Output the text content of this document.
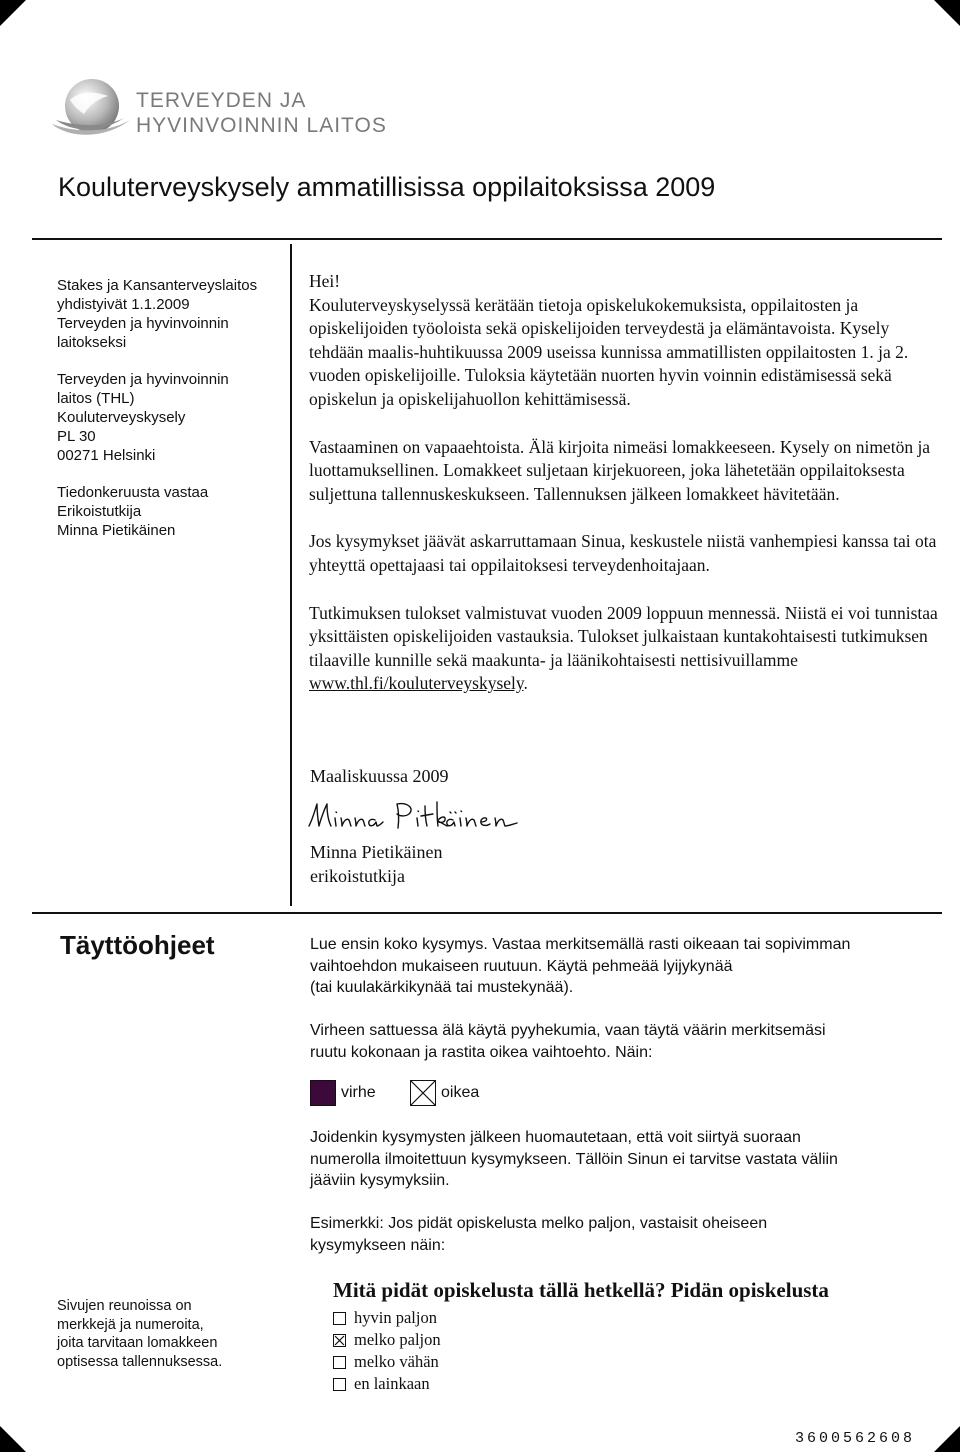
TERVEYDEN JA
HYVINVOINNIN LAITOS
Kouluterveyskysely ammatillisissa oppilaitoksissa 2009
Stakes ja Kansanterveyslaitos
yhdistyivät 1.1.2009
Terveyden ja hyvinvoinnin
laitokseksi
Terveyden ja hyvinvoinnin
laitos (THL)
Kouluterveyskysely
PL 30
00271 Helsinki
Tiedonkeruusta vastaa
Erikoistutkija
Minna Pietikäinen

Hei!

Kouluterveyskyselyssä kerätään tietoja opiskelukokemuksista, oppilaitosten ja opiskelijoiden työoloista sekä opiskelijoiden terveydestä ja elämäntavoista. Kysely tehdään maalis-huhtikuussa 2009 useissa kunnissa ammatillisten oppilaitosten 1. ja 2. vuoden opiskelijoille. Tuloksia käytetään nuorten hyvin voinnin edistämisessä sekä opiskelun ja opiskelijahuollon kehittämisessä.

Vastaaminen on vapaaehtoista. Älä kirjoita nimeäsi lomakkeeseen. Kysely on nimetön ja luottamuksellinen. Lomakkeet suljetaan kirjekuoreen, joka lähetetään oppilaitoksesta suljettuna tallennuskeskukseen. Tallennuksen jälkeen lomakkeet hävitetään.

Jos kysymykset jäävät askarruttamaan Sinua, keskustele niistä vanhempiesi kanssa tai ota yhteyttä opettajaasi tai oppilaitoksesi terveydenhoitajaan.

Tutkimuksen tulokset valmistuvat vuoden 2009 loppuun mennessä. Niistä ei voi tunnistaa yksittäisten opiskelijoiden vastauksia. Tulokset julkaistaan kuntakohtaisesti tutkimuksen tilaaville kunnille sekä maakunta- ja läänikohtaisesti nettisivuillamme www.thl.fi/kouluterveyskysely.

Maaliskuussa 2009
Minna Pietikäinen
erikoistutkija
Täyttöohjeet	Lue ensin koko kysymys. Vastaa merkitsemällä rasti oikeaan tai sopivimman
vaihtoehdon mukaiseen ruutuun. Käytä pehmeää lyijykynää
(tai kuulakärkikynää tai mustekynää).
Virheen sattuessa älä käytä pyyhekumia, vaan täytä väärin merkitsemäsi
ruutu kokonaan ja rastita oikea vaihtoehto. Näin:
virhe	oikea
Joidenkin kysymysten jälkeen huomautetaan, että voit siirtyä suoraan
numerolla ilmoitettuun kysymykseen. Tällöin Sinun ei tarvitse vastata väliin
jääviin kysymyksiin.
Esimerkki: Jos pidät opiskelusta melko paljon, vastaisit oheiseen
kysymykseen näin:
Sivujen reunoissa on
merkkejä ja numeroita,
joita tarvitaan lomakkeen
optisessa tallennuksessa.
Mitä pidät opiskelusta tällä hetkellä? Pidän opiskelusta
hyvin paljon
melko paljon
melko vähän
en lainkaan
3600562608
